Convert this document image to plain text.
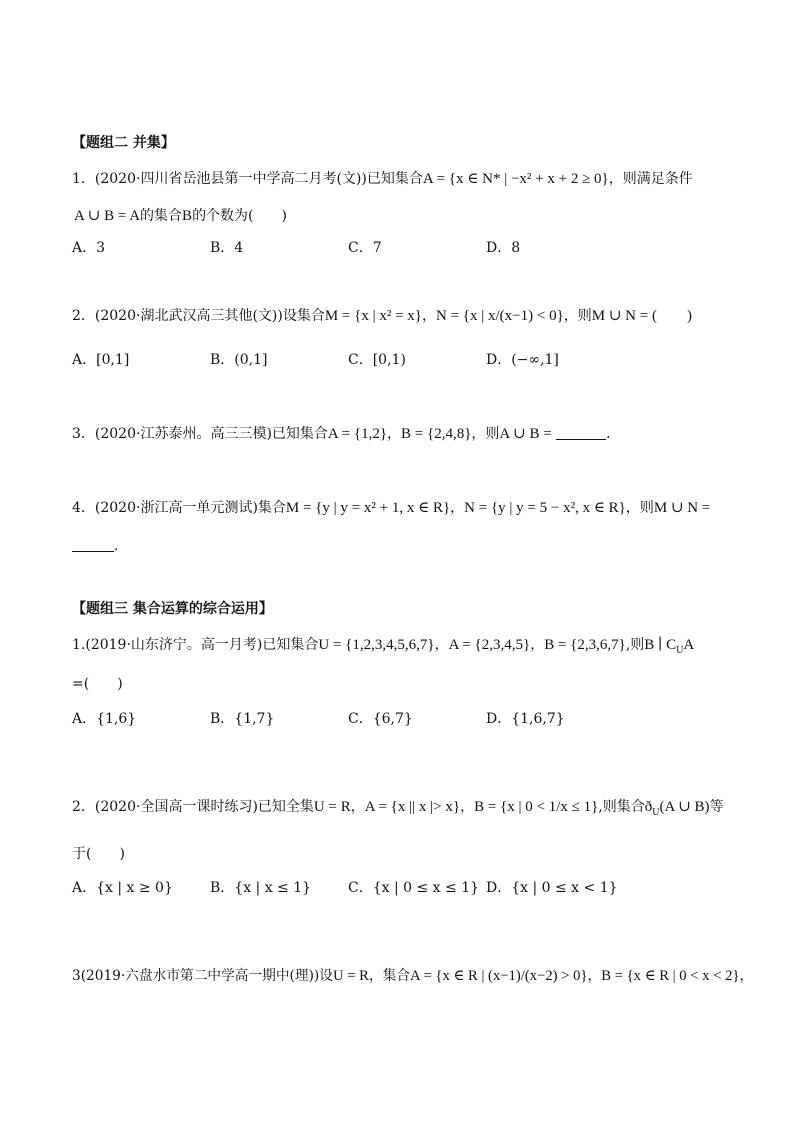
【题组二 并集】
1．(2020·四川省岳池县第一中学高二月考(文))已知集合A = {x ∈ N* | −x² + x + 2 ≥ 0}，则满足条件
A ∪ B = A的集合B的个数为(　　)
A．3	B．4	C．7	D．8
2．(2020·湖北武汉高三其他(文))设集合M = {x | x² = x}，N = {x | x/(x−1) < 0}，则M ∪ N = (　　)
A．[0,1]	B．(0,1]	C．[0,1)	D．(−∞,1]
3．(2020·江苏泰州。高三三模)已知集合A = {1,2}，B = {2,4,8}，则A ∪ B =	．
4．(2020·浙江高一单元测试)集合M = {y | y = x² + 1, x ∈ R}，N = {y | y = 5 − x², x ∈ R}，则M ∪ N =
．
【题组三 集合运算的综合运用】
1.(2019·山东济宁。高一月考)已知集合U = {1,2,3,4,5,6,7}，A = {2,3,4,5}，B = {2,3,6,7},则B ∣ $C_UA$
=(　　)
A．{1,6}	B．{1,7}	C．{6,7}	D．{1,6,7}
2．(2020·全国高一课时练习)已知全集U = R，A = {x || x |> x}，B = {x | 0 < 1/x ≤ 1},则集合$ð_U(A$ ∪ B)等
于(　　)
A．{x | x ≥ 0}	B．{x | x ≤ 1}	C．{x | 0 ≤ x ≤ 1} D．{x | 0 ≤ x < 1}
3(2019·六盘水市第二中学高一期中(理))设U = R，集合A = {x ∈ R | (x−1)/(x−2) > 0}，B = {x ∈ R | 0 < x < 2}，
